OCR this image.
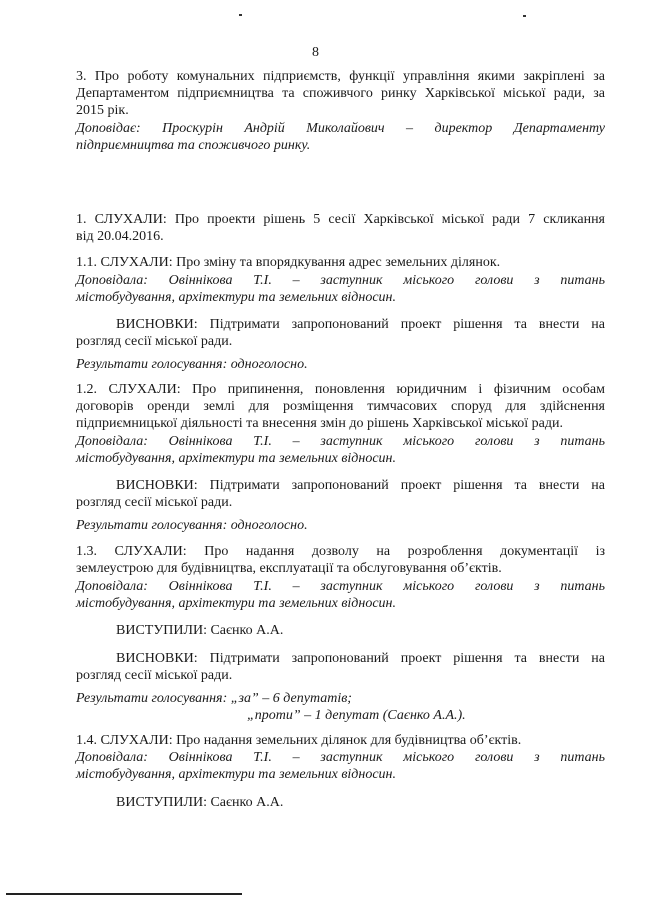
8
3. Про роботу комунальних підприємств, функції управління якими закріплені за
Департаментом підприємництва та споживчого ринку Харківської міської ради, за
2015 рік.
Доповідає: Проскурін Андрій Миколайович – директор Департаменту
підприємництва та споживчого ринку.
1. СЛУХАЛИ: Про проекти рішень 5 сесії Харківської міської ради 7 скликання
від 20.04.2016.
1.1. СЛУХАЛИ: Про зміну та впорядкування адрес земельних ділянок.
Доповідала: Овіннікова Т.І. – заступник міського голови з питань
містобудування, архітектури та земельних відносин.
ВИСНОВКИ: Підтримати запропонований проект рішення та внести на
розгляд сесії міської ради.
Результати голосування: одноголосно.
1.2. СЛУХАЛИ: Про припинення, поновлення юридичним і фізичним особам
договорів оренди землі для розміщення тимчасових споруд для здійснення
підприємницької діяльності та внесення змін до рішень Харківської міської ради.
Доповідала: Овіннікова Т.І. – заступник міського голови з питань
містобудування, архітектури та земельних відносин.
ВИСНОВКИ: Підтримати запропонований проект рішення та внести на
розгляд сесії міської ради.
Результати голосування: одноголосно.
1.3. СЛУХАЛИ: Про надання дозволу на розроблення документації із
землеустрою для будівництва, експлуатації та обслуговування об’єктів.
Доповідала: Овіннікова Т.І. – заступник міського голови з питань
містобудування, архітектури та земельних відносин.
ВИСТУПИЛИ: Саєнко А.А.
ВИСНОВКИ: Підтримати запропонований проект рішення та внести на
розгляд сесії міської ради.
Результати голосування: „за” – 6 депутатів;
„проти” – 1 депутат (Саєнко А.А.).
1.4. СЛУХАЛИ: Про надання земельних ділянок для будівництва об’єктів.
Доповідала: Овіннікова Т.І. – заступник міського голови з питань
містобудування, архітектури та земельних відносин.
ВИСТУПИЛИ: Саєнко А.А.
